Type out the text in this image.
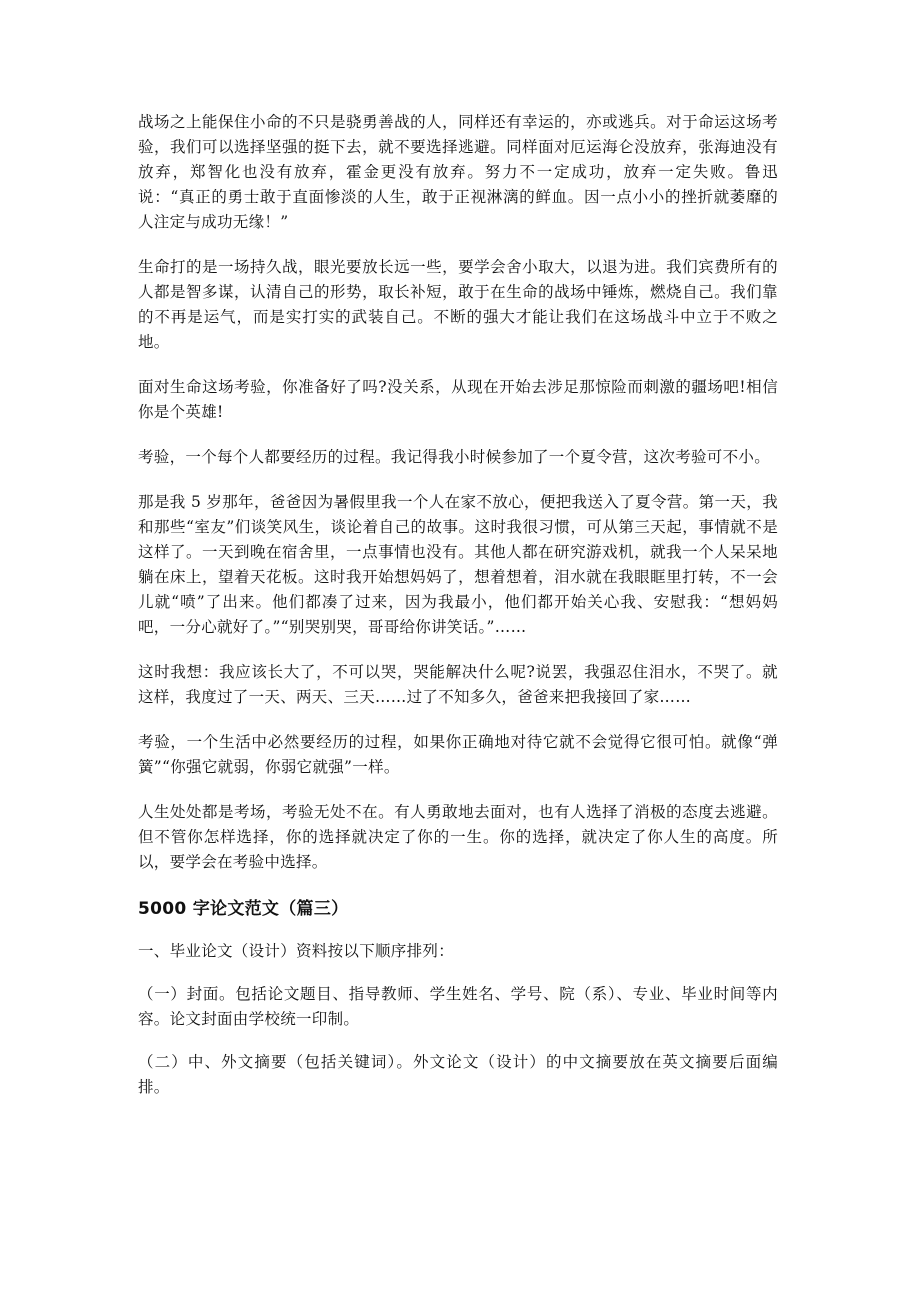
战场之上能保住小命的不只是骁勇善战的人，同样还有幸运的，亦或逃兵。对于命运这场考验，我们可以选择坚强的挺下去，就不要选择逃避。同样面对厄运海仑没放弃，张海迪没有放弃，郑智化也没有放弃，霍金更没有放弃。努力不一定成功，放弃一定失败。鲁迅说：“真正的勇士敢于直面惨淡的人生，敢于正视淋漓的鲜血。因一点小小的挫折就萎靡的人注定与成功无缘！”

生命打的是一场持久战，眼光要放长远一些，要学会舍小取大，以退为进。我们宾费所有的人都是智多谋，认清自己的形势，取长补短，敢于在生命的战场中锤炼，燃烧自己。我们靠的不再是运气，而是实打实的武装自己。不断的强大才能让我们在这场战斗中立于不败之地。

面对生命这场考验，你准备好了吗?没关系，从现在开始去涉足那惊险而刺激的疆场吧!相信你是个英雄!

考验，一个每个人都要经历的过程。我记得我小时候参加了一个夏令营，这次考验可不小。

那是我 5 岁那年，爸爸因为暑假里我一个人在家不放心，便把我送入了夏令营。第一天，我和那些“室友”们谈笑风生，谈论着自己的故事。这时我很习惯，可从第三天起，事情就不是这样了。一天到晚在宿舍里，一点事情也没有。其他人都在研究游戏机，就我一个人呆呆地躺在床上，望着天花板。这时我开始想妈妈了，想着想着，泪水就在我眼眶里打转，不一会儿就“喷”了出来。他们都凑了过来，因为我最小，他们都开始关心我、安慰我：“想妈妈吧，一分心就好了。”“别哭别哭，哥哥给你讲笑话。”……

这时我想：我应该长大了，不可以哭，哭能解决什么呢?说罢，我强忍住泪水，不哭了。就这样，我度过了一天、两天、三天……过了不知多久，爸爸来把我接回了家……

考验，一个生活中必然要经历的过程，如果你正确地对待它就不会觉得它很可怕。就像“弹簧”“你强它就弱，你弱它就强”一样。

人生处处都是考场，考验无处不在。有人勇敢地去面对，也有人选择了消极的态度去逃避。但不管你怎样选择，你的选择就决定了你的一生。你的选择，就决定了你人生的高度。所以，要学会在考验中选择。

5000 字论文范文（篇三）

一、毕业论文（设计）资料按以下顺序排列：

（一）封面。包括论文题目、指导教师、学生姓名、学号、院（系）、专业、毕业时间等内容。论文封面由学校统一印制。

（二）中、外文摘要（包括关键词）。外文论文（设计）的中文摘要放在英文摘要后面编排。
